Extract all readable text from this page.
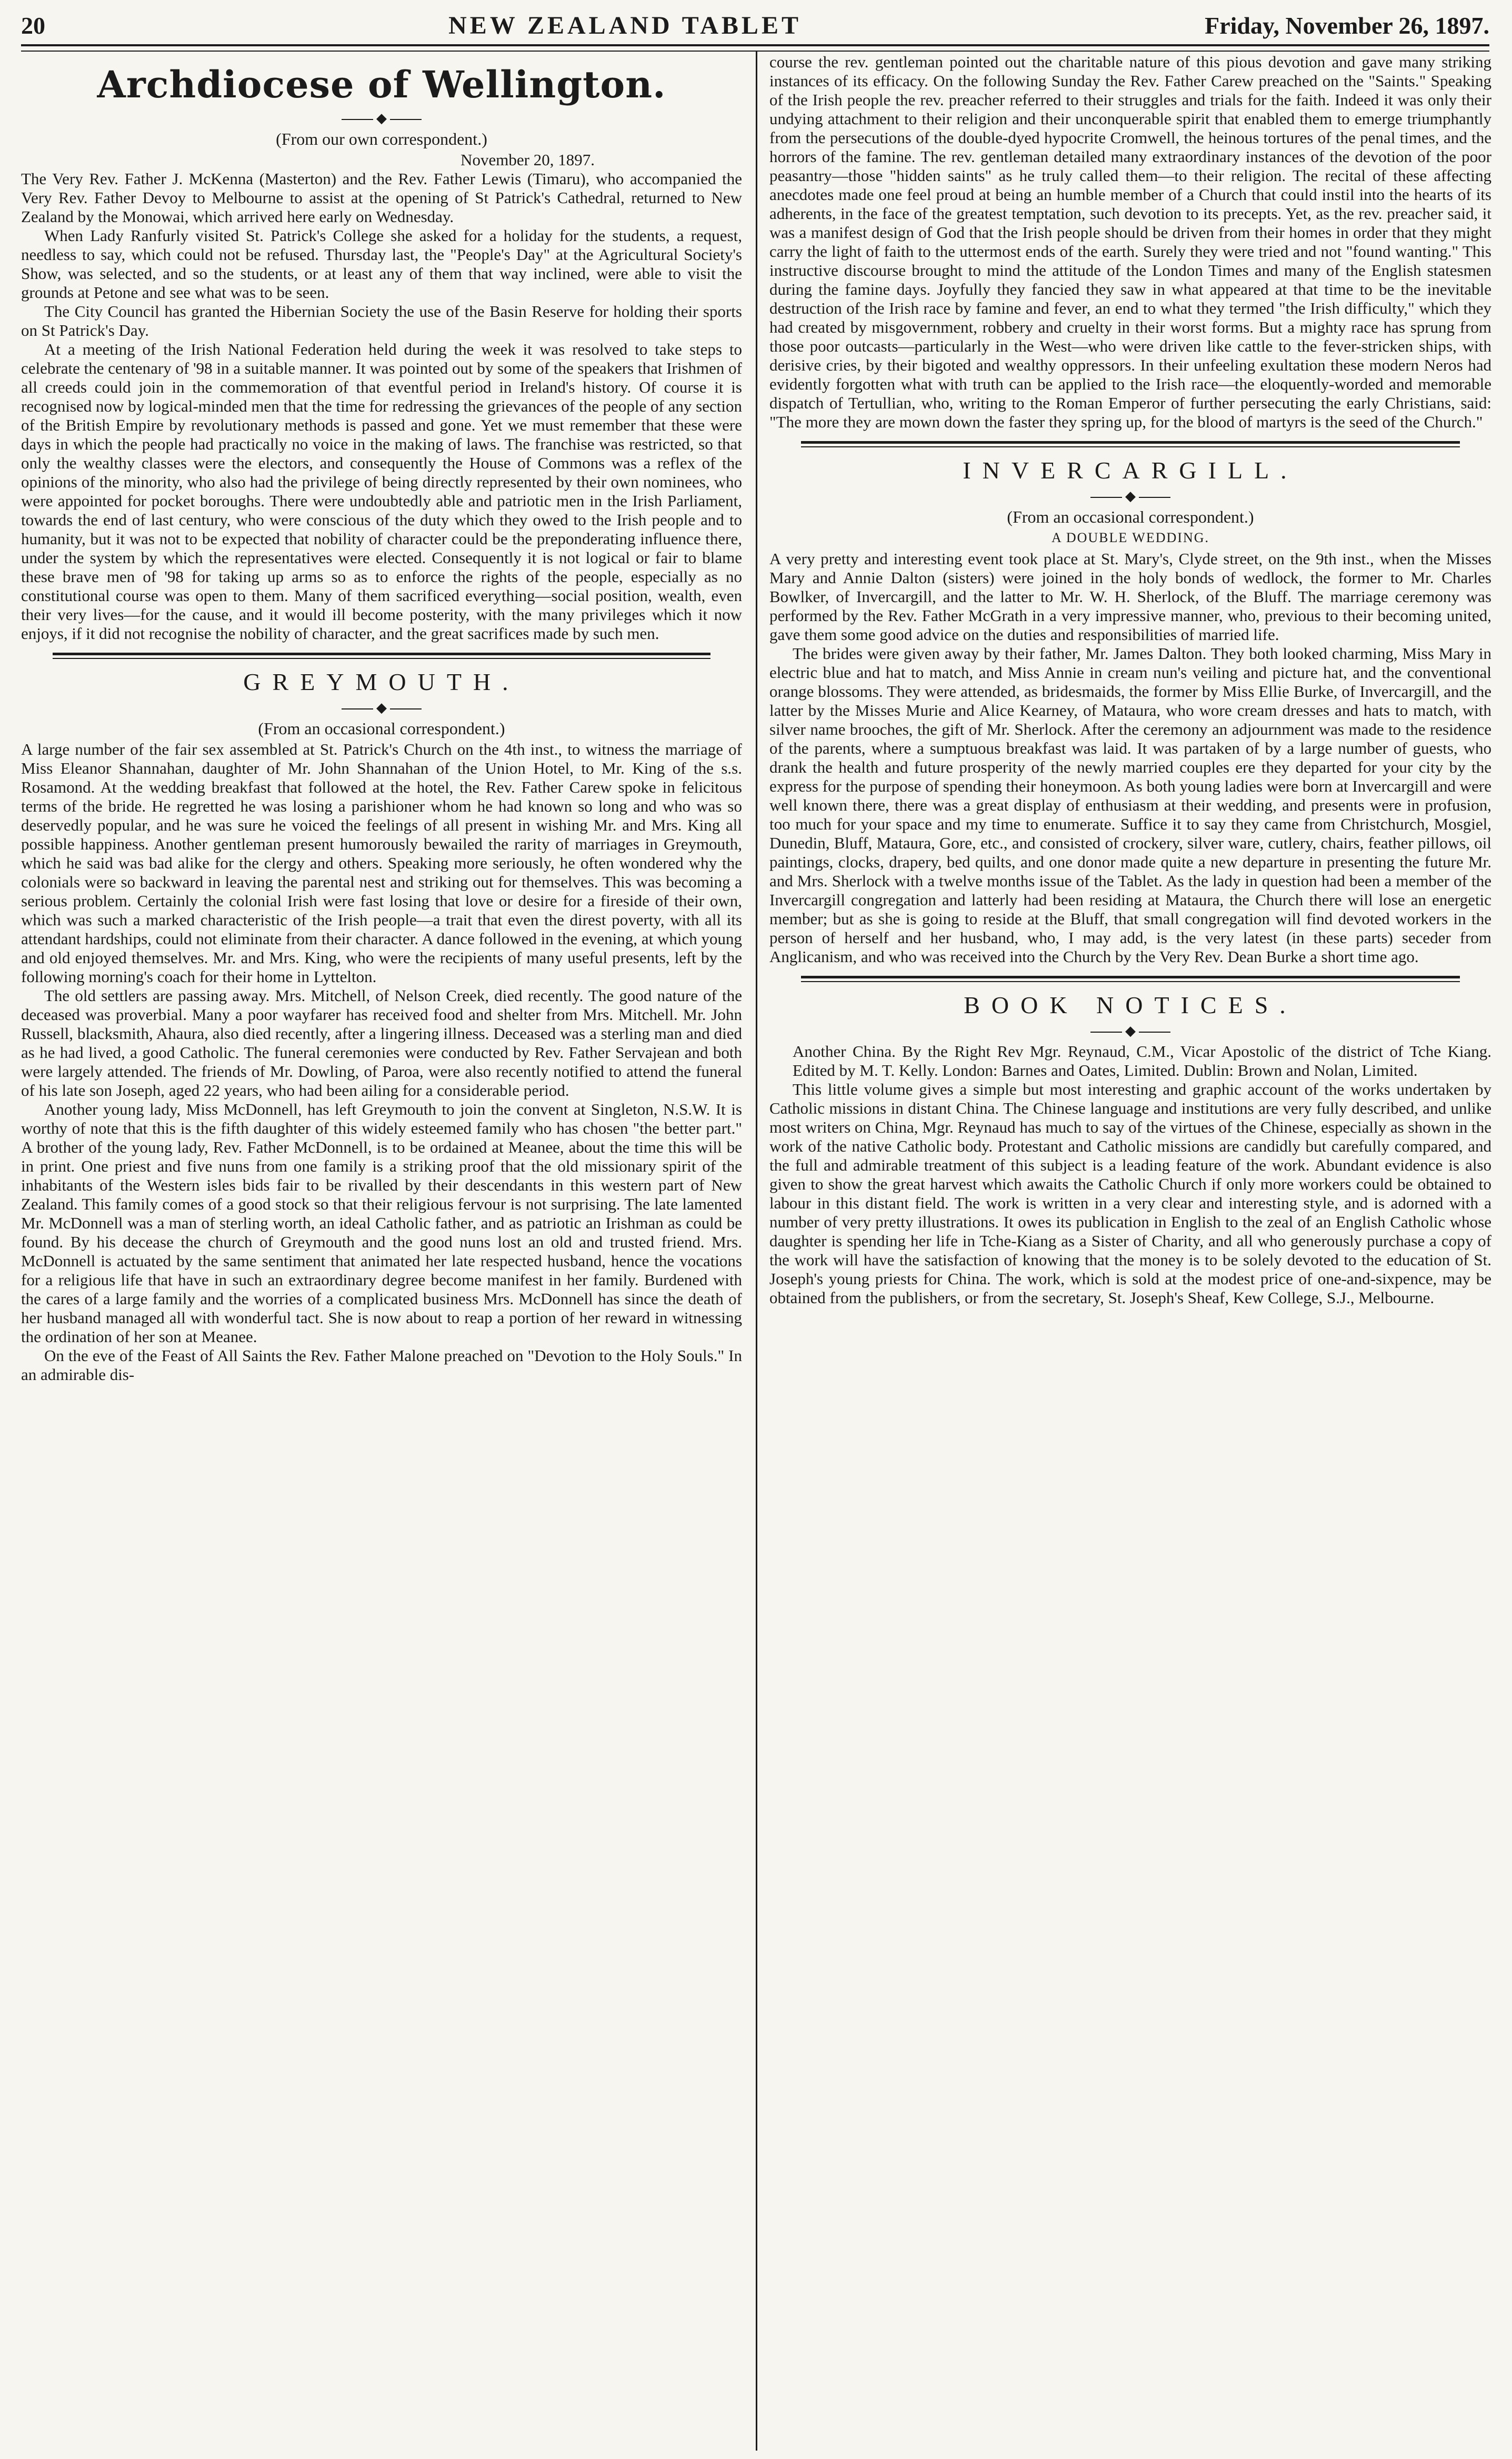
20	NEW ZEALAND TABLET	Friday, November 26, 1897.
Archdiocese of Wellington.
◆
(From our own correspondent.)
November 20, 1897.

The Very Rev. Father J. McKenna (Masterton) and the Rev. Father Lewis (Timaru), who accompanied the Very Rev. Father Devoy to Melbourne to assist at the opening of St Patrick's Cathedral, returned to New Zealand by the Monowai, which arrived here early on Wednesday.

When Lady Ranfurly visited St. Patrick's College she asked for a holiday for the students, a request, needless to say, which could not be refused. Thursday last, the "People's Day" at the Agricultural Society's Show, was selected, and so the students, or at least any of them that way inclined, were able to visit the grounds at Petone and see what was to be seen.

The City Council has granted the Hibernian Society the use of the Basin Reserve for holding their sports on St Patrick's Day.

At a meeting of the Irish National Federation held during the week it was resolved to take steps to celebrate the centenary of '98 in a suitable manner. It was pointed out by some of the speakers that Irishmen of all creeds could join in the commemoration of that eventful period in Ireland's history. Of course it is recognised now by logical-minded men that the time for redressing the grievances of the people of any section of the British Empire by revolutionary methods is passed and gone. Yet we must remember that these were days in which the people had practically no voice in the making of laws. The franchise was restricted, so that only the wealthy classes were the electors, and consequently the House of Commons was a reflex of the opinions of the minority, who also had the privilege of being directly represented by their own nominees, who were appointed for pocket boroughs. There were undoubtedly able and patriotic men in the Irish Parliament, towards the end of last century, who were conscious of the duty which they owed to the Irish people and to humanity, but it was not to be expected that nobility of character could be the preponderating influence there, under the system by which the representatives were elected. Consequently it is not logical or fair to blame these brave men of '98 for taking up arms so as to enforce the rights of the people, especially as no constitutional course was open to them. Many of them sacrificed everything—social position, wealth, even their very lives—for the cause, and it would ill become posterity, with the many privileges which it now enjoys, if it did not recognise the nobility of character, and the great sacrifices made by such men.

GREYMOUTH.
◆
(From an occasional correspondent.)

A large number of the fair sex assembled at St. Patrick's Church on the 4th inst., to witness the marriage of Miss Eleanor Shannahan, daughter of Mr. John Shannahan of the Union Hotel, to Mr. King of the s.s. Rosamond. At the wedding breakfast that followed at the hotel, the Rev. Father Carew spoke in felicitous terms of the bride. He regretted he was losing a parishioner whom he had known so long and who was so deservedly popular, and he was sure he voiced the feelings of all present in wishing Mr. and Mrs. King all possible happiness. Another gentleman present humorously bewailed the rarity of marriages in Greymouth, which he said was bad alike for the clergy and others. Speaking more seriously, he often wondered why the colonials were so backward in leaving the parental nest and striking out for themselves. This was becoming a serious problem. Certainly the colonial Irish were fast losing that love or desire for a fireside of their own, which was such a marked characteristic of the Irish people—a trait that even the direst poverty, with all its attendant hardships, could not eliminate from their character. A dance followed in the evening, at which young and old enjoyed themselves. Mr. and Mrs. King, who were the recipients of many useful presents, left by the following morning's coach for their home in Lyttelton.

The old settlers are passing away. Mrs. Mitchell, of Nelson Creek, died recently. The good nature of the deceased was proverbial. Many a poor wayfarer has received food and shelter from Mrs. Mitchell. Mr. John Russell, blacksmith, Ahaura, also died recently, after a lingering illness. Deceased was a sterling man and died as he had lived, a good Catholic. The funeral ceremonies were conducted by Rev. Father Servajean and both were largely attended. The friends of Mr. Dowling, of Paroa, were also recently notified to attend the funeral of his late son Joseph, aged 22 years, who had been ailing for a considerable period.

Another young lady, Miss McDonnell, has left Greymouth to join the convent at Singleton, N.S.W. It is worthy of note that this is the fifth daughter of this widely esteemed family who has chosen "the better part." A brother of the young lady, Rev. Father McDonnell, is to be ordained at Meanee, about the time this will be in print. One priest and five nuns from one family is a striking proof that the old missionary spirit of the inhabitants of the Western isles bids fair to be rivalled by their descendants in this western part of New Zealand. This family comes of a good stock so that their religious fervour is not surprising. The late lamented Mr. McDonnell was a man of sterling worth, an ideal Catholic father, and as patriotic an Irishman as could be found. By his decease the church of Greymouth and the good nuns lost an old and trusted friend. Mrs. McDonnell is actuated by the same sentiment that animated her late respected husband, hence the vocations for a religious life that have in such an extraordinary degree become manifest in her family. Burdened with the cares of a large family and the worries of a complicated business Mrs. McDonnell has since the death of her husband managed all with wonderful tact. She is now about to reap a portion of her reward in witnessing the ordination of her son at Meanee.

On the eve of the Feast of All Saints the Rev. Father Malone preached on "Devotion to the Holy Souls." In an admirable dis-

course the rev. gentleman pointed out the charitable nature of this pious devotion and gave many striking instances of its efficacy. On the following Sunday the Rev. Father Carew preached on the "Saints." Speaking of the Irish people the rev. preacher referred to their struggles and trials for the faith. Indeed it was only their undying attachment to their religion and their unconquerable spirit that enabled them to emerge triumphantly from the persecutions of the double-dyed hypocrite Cromwell, the heinous tortures of the penal times, and the horrors of the famine. The rev. gentleman detailed many extraordinary instances of the devotion of the poor peasantry—those "hidden saints" as he truly called them—to their religion. The recital of these affecting anecdotes made one feel proud at being an humble member of a Church that could instil into the hearts of its adherents, in the face of the greatest temptation, such devotion to its precepts. Yet, as the rev. preacher said, it was a manifest design of God that the Irish people should be driven from their homes in order that they might carry the light of faith to the uttermost ends of the earth. Surely they were tried and not "found wanting." This instructive discourse brought to mind the attitude of the London Times and many of the English statesmen during the famine days. Joyfully they fancied they saw in what appeared at that time to be the inevitable destruction of the Irish race by famine and fever, an end to what they termed "the Irish difficulty," which they had created by misgovernment, robbery and cruelty in their worst forms. But a mighty race has sprung from those poor outcasts—particularly in the West—who were driven like cattle to the fever-stricken ships, with derisive cries, by their bigoted and wealthy oppressors. In their unfeeling exultation these modern Neros had evidently forgotten what with truth can be applied to the Irish race—the eloquently-worded and memorable dispatch of Tertullian, who, writing to the Roman Emperor of further persecuting the early Christians, said: "The more they are mown down the faster they spring up, for the blood of martyrs is the seed of the Church."

INVERCARGILL.
◆
(From an occasional correspondent.)
A DOUBLE WEDDING.

A very pretty and interesting event took place at St. Mary's, Clyde street, on the 9th inst., when the Misses Mary and Annie Dalton (sisters) were joined in the holy bonds of wedlock, the former to Mr. Charles Bowlker, of Invercargill, and the latter to Mr. W. H. Sherlock, of the Bluff. The marriage ceremony was performed by the Rev. Father McGrath in a very impressive manner, who, previous to their becoming united, gave them some good advice on the duties and responsibilities of married life.

The brides were given away by their father, Mr. James Dalton. They both looked charming, Miss Mary in electric blue and hat to match, and Miss Annie in cream nun's veiling and picture hat, and the conventional orange blossoms. They were attended, as bridesmaids, the former by Miss Ellie Burke, of Invercargill, and the latter by the Misses Murie and Alice Kearney, of Mataura, who wore cream dresses and hats to match, with silver name brooches, the gift of Mr. Sherlock. After the ceremony an adjournment was made to the residence of the parents, where a sumptuous breakfast was laid. It was partaken of by a large number of guests, who drank the health and future prosperity of the newly married couples ere they departed for your city by the express for the purpose of spending their honeymoon. As both young ladies were born at Invercargill and were well known there, there was a great display of enthusiasm at their wedding, and presents were in profusion, too much for your space and my time to enumerate. Suffice it to say they came from Christchurch, Mosgiel, Dunedin, Bluff, Mataura, Gore, etc., and consisted of crockery, silver ware, cutlery, chairs, feather pillows, oil paintings, clocks, drapery, bed quilts, and one donor made quite a new departure in presenting the future Mr. and Mrs. Sherlock with a twelve months issue of the Tablet. As the lady in question had been a member of the Invercargill congregation and latterly had been residing at Mataura, the Church there will lose an energetic member; but as she is going to reside at the Bluff, that small congregation will find devoted workers in the person of herself and her husband, who, I may add, is the very latest (in these parts) seceder from Anglicanism, and who was received into the Church by the Very Rev. Dean Burke a short time ago.

BOOK NOTICES.
◆

Another China. By the Right Rev Mgr. Reynaud, C.M., Vicar Apostolic of the district of Tche Kiang. Edited by M. T. Kelly. London: Barnes and Oates, Limited. Dublin: Brown and Nolan, Limited.

This little volume gives a simple but most interesting and graphic account of the works undertaken by Catholic missions in distant China. The Chinese language and institutions are very fully described, and unlike most writers on China, Mgr. Reynaud has much to say of the virtues of the Chinese, especially as shown in the work of the native Catholic body. Protestant and Catholic missions are candidly but carefully compared, and the full and admirable treatment of this subject is a leading feature of the work. Abundant evidence is also given to show the great harvest which awaits the Catholic Church if only more workers could be obtained to labour in this distant field. The work is written in a very clear and interesting style, and is adorned with a number of very pretty illustrations. It owes its publication in English to the zeal of an English Catholic whose daughter is spending her life in Tche-Kiang as a Sister of Charity, and all who generously purchase a copy of the work will have the satisfaction of knowing that the money is to be solely devoted to the education of St. Joseph's young priests for China. The work, which is sold at the modest price of one-and-sixpence, may be obtained from the publishers, or from the secretary, St. Joseph's Sheaf, Kew College, S.J., Melbourne.
